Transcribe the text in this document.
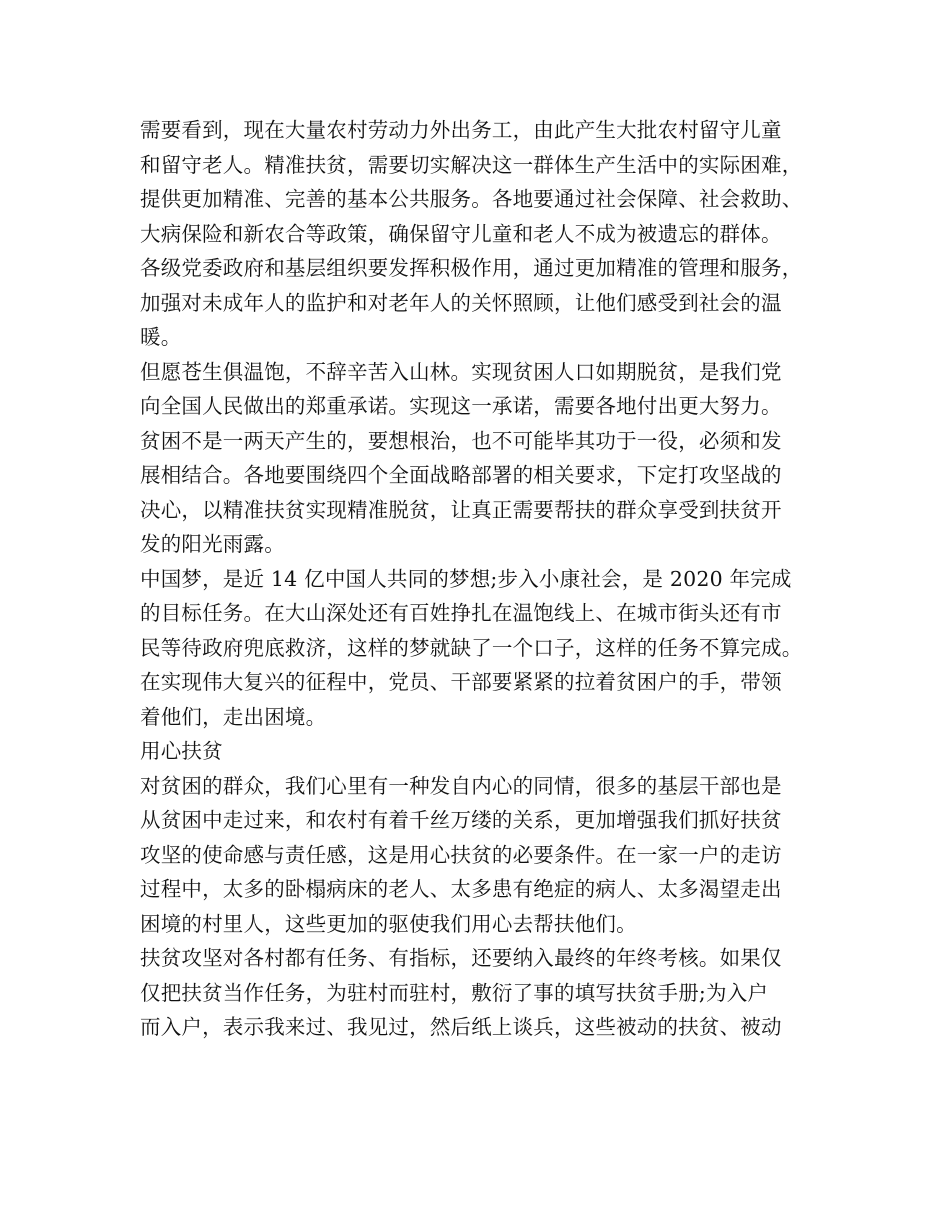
需要看到，现在大量农村劳动力外出务工，由此产生大批农村留守儿童
和留守老人。精准扶贫，需要切实解决这一群体生产生活中的实际困难，
提供更加精准、完善的基本公共服务。各地要通过社会保障、社会救助、
大病保险和新农合等政策，确保留守儿童和老人不成为被遗忘的群体。
各级党委政府和基层组织要发挥积极作用，通过更加精准的管理和服务，
加强对未成年人的监护和对老年人的关怀照顾，让他们感受到社会的温
暖。
但愿苍生俱温饱，不辞辛苦入山林。实现贫困人口如期脱贫，是我们党
向全国人民做出的郑重承诺。实现这一承诺，需要各地付出更大努力。
贫困不是一两天产生的，要想根治，也不可能毕其功于一役，必须和发
展相结合。各地要围绕四个全面战略部署的相关要求，下定打攻坚战的
决心，以精准扶贫实现精准脱贫，让真正需要帮扶的群众享受到扶贫开
发的阳光雨露。
中国梦，是近 14 亿中国人共同的梦想;步入小康社会，是 2020 年完成
的目标任务。在大山深处还有百姓挣扎在温饱线上、在城市街头还有市
民等待政府兜底救济，这样的梦就缺了一个口子，这样的任务不算完成。
在实现伟大复兴的征程中，党员、干部要紧紧的拉着贫困户的手，带领
着他们，走出困境。
用心扶贫
对贫困的群众，我们心里有一种发自内心的同情，很多的基层干部也是
从贫困中走过来，和农村有着千丝万缕的关系，更加增强我们抓好扶贫
攻坚的使命感与责任感，这是用心扶贫的必要条件。在一家一户的走访
过程中，太多的卧榻病床的老人、太多患有绝症的病人、太多渴望走出
困境的村里人，这些更加的驱使我们用心去帮扶他们。
扶贫攻坚对各村都有任务、有指标，还要纳入最终的年终考核。如果仅
仅把扶贫当作任务，为驻村而驻村，敷衍了事的填写扶贫手册;为入户
而入户，表示我来过、我见过，然后纸上谈兵，这些被动的扶贫、被动
